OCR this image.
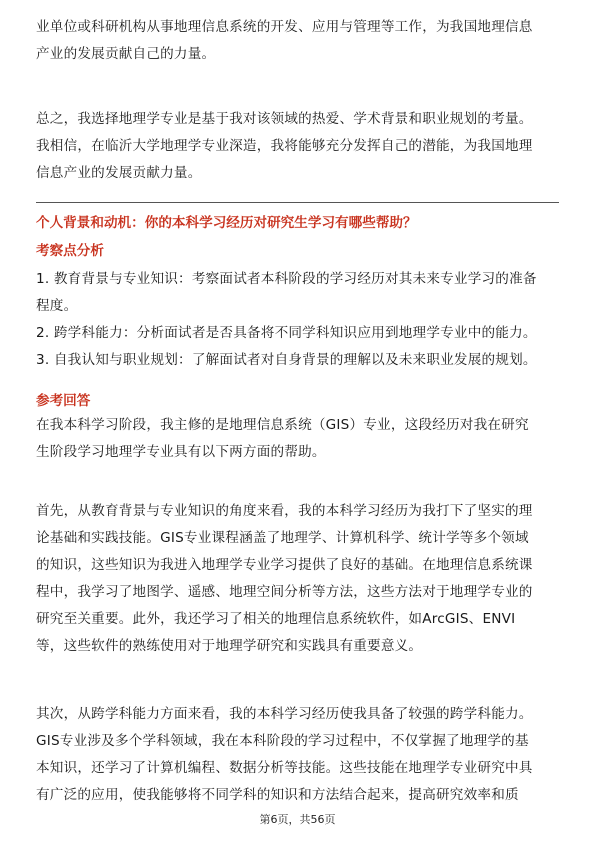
业单位或科研机构从事地理信息系统的开发、应用与管理等工作，为我国地理信息
产业的发展贡献自己的力量。

总之，我选择地理学专业是基于我对该领域的热爱、学术背景和职业规划的考量。
我相信，在临沂大学地理学专业深造，我将能够充分发挥自己的潜能，为我国地理
信息产业的发展贡献力量。

个人背景和动机：你的本科学习经历对研究生学习有哪些帮助？

考察点分析

1. 教育背景与专业知识：考察面试者本科阶段的学习经历对其未来专业学习的准备
程度。
2. 跨学科能力：分析面试者是否具备将不同学科知识应用到地理学专业中的能力。
3. 自我认知与职业规划：了解面试者对自身背景的理解以及未来职业发展的规划。

参考回答

在我本科学习阶段，我主修的是地理信息系统（GIS）专业，这段经历对我在研究
生阶段学习地理学专业具有以下两方面的帮助。

首先，从教育背景与专业知识的角度来看，我的本科学习经历为我打下了坚实的理
论基础和实践技能。GIS专业课程涵盖了地理学、计算机科学、统计学等多个领域
的知识，这些知识为我进入地理学专业学习提供了良好的基础。在地理信息系统课
程中，我学习了地图学、遥感、地理空间分析等方法，这些方法对于地理学专业的
研究至关重要。此外，我还学习了相关的地理信息系统软件，如ArcGIS、ENVI
等，这些软件的熟练使用对于地理学研究和实践具有重要意义。

其次，从跨学科能力方面来看，我的本科学习经历使我具备了较强的跨学科能力。
GIS专业涉及多个学科领域，我在本科阶段的学习过程中，不仅掌握了地理学的基
本知识，还学习了计算机编程、数据分析等技能。这些技能在地理学专业研究中具
有广泛的应用，使我能够将不同学科的知识和方法结合起来，提高研究效率和质

第6页，共56页
